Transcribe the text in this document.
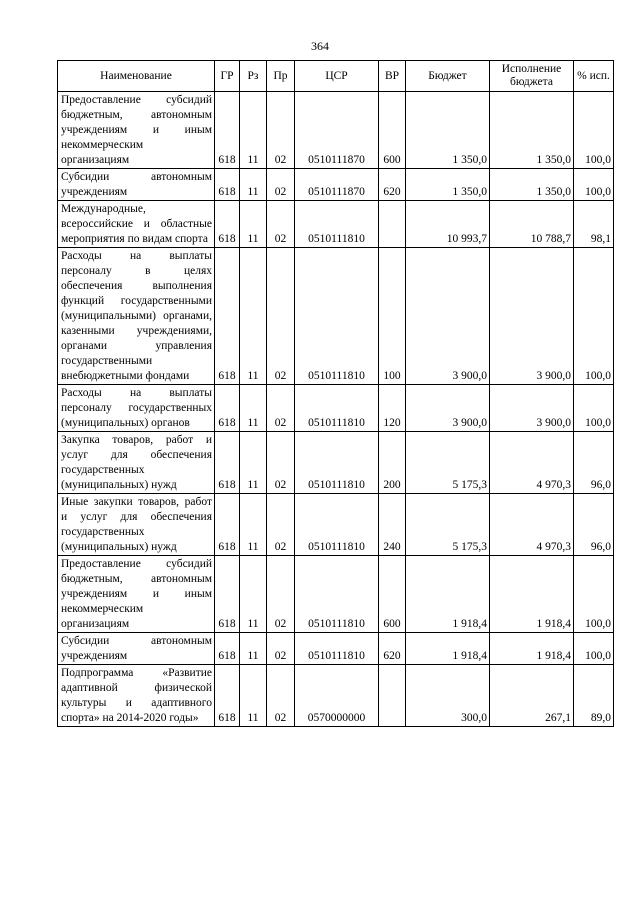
364
Наименование	ГР	Рз	Пр	ЦСР	ВР	Бюджет	Исполнение бюджета	% исп.
Предоставление субсидий бюджетным, автономным учреждениям и иным некоммерческим организациям	618	11	02	0510111870	600	1 350,0	1 350,0	100,0
Субсидии автономным учреждениям	618	11	02	0510111870	620	1 350,0	1 350,0	100,0
Международные, всероссийские и областные мероприятия по видам спорта	618	11	02	0510111810		10 993,7	10 788,7	98,1
Расходы на выплаты персоналу в целях обеспечения выполнения функций государственными (муниципальными) органами, казенными учреждениями, органами управления государственными внебюджетными фондами	618	11	02	0510111810	100	3 900,0	3 900,0	100,0
Расходы на выплаты персоналу государственных (муниципальных) органов	618	11	02	0510111810	120	3 900,0	3 900,0	100,0
Закупка товаров, работ и услуг для обеспечения государственных (муниципальных) нужд	618	11	02	0510111810	200	5 175,3	4 970,3	96,0
Иные закупки товаров, работ и услуг для обеспечения государственных (муниципальных) нужд	618	11	02	0510111810	240	5 175,3	4 970,3	96,0
Предоставление субсидий бюджетным, автономным учреждениям и иным некоммерческим организациям	618	11	02	0510111810	600	1 918,4	1 918,4	100,0
Субсидии автономным учреждениям	618	11	02	0510111810	620	1 918,4	1 918,4	100,0
Подпрограмма «Развитие адаптивной физической культуры и адаптивного спорта» на 2014-2020 годы»	618	11	02	0570000000		300,0	267,1	89,0
